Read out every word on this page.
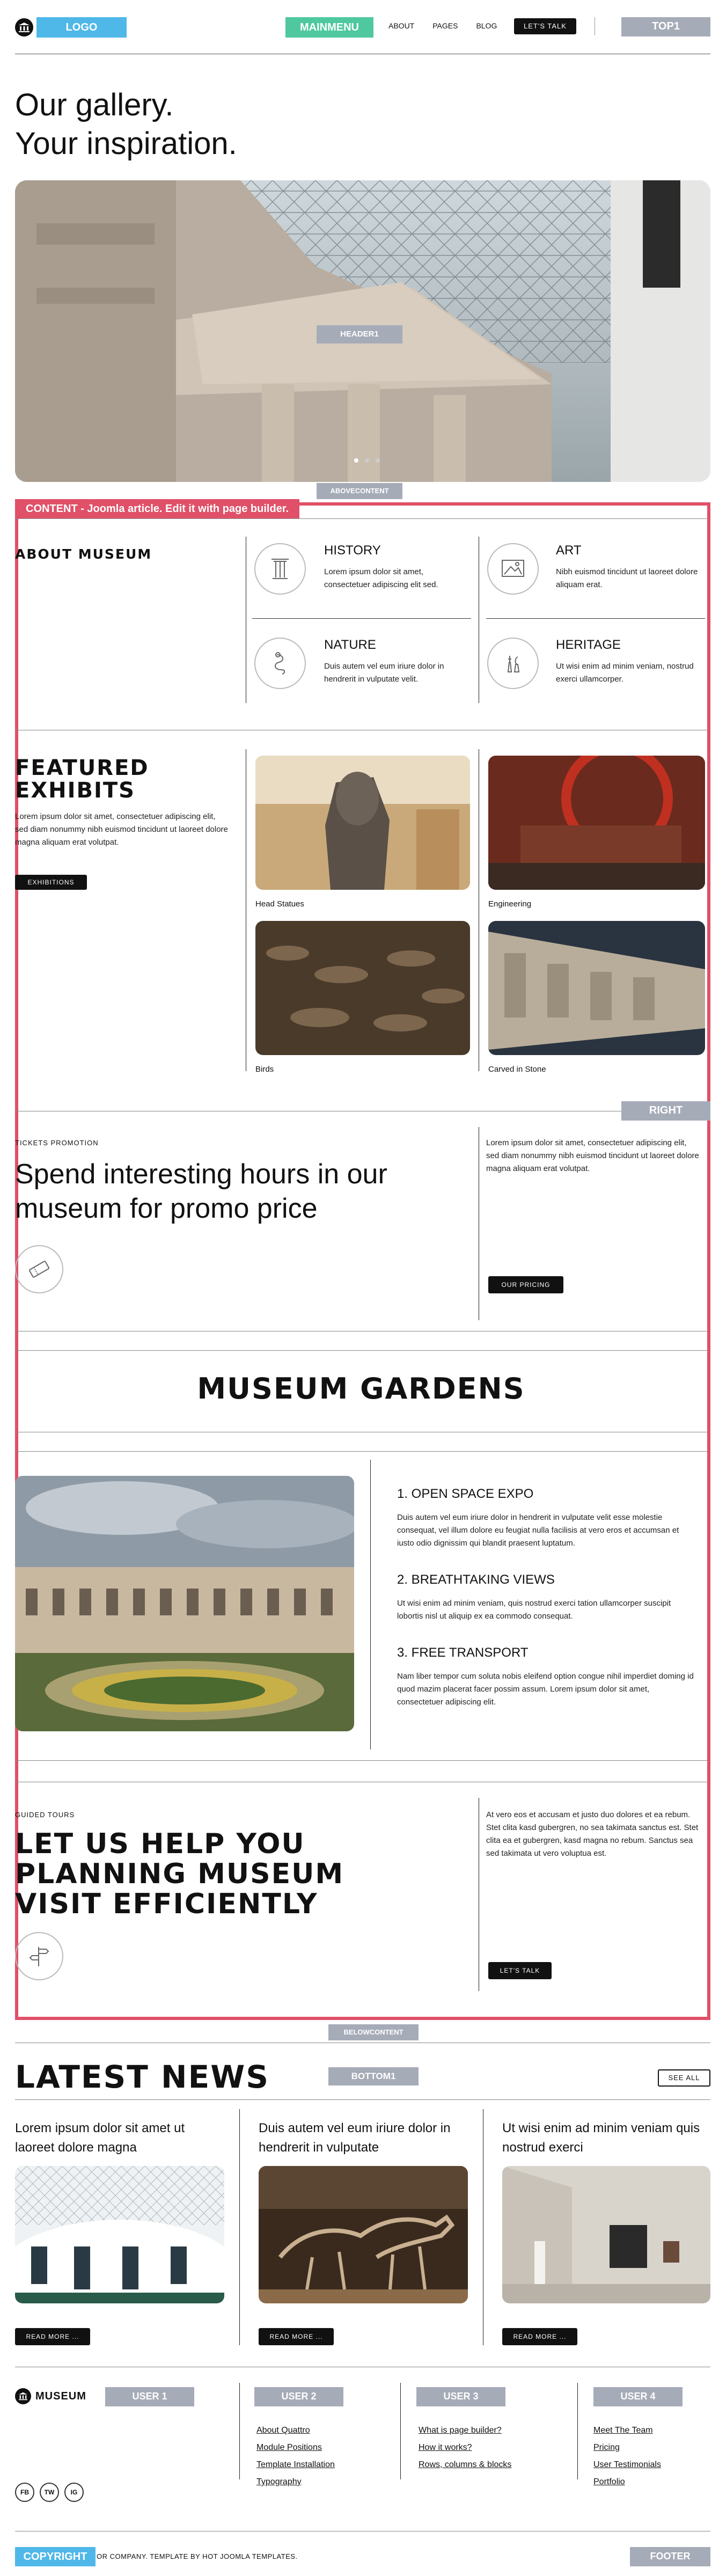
LOGO	MAINMENU	ABOUT PAGES BLOG	LET'S TALK	TOP1
Our gallery.
Your inspiration.
HEADER1
ABOVECONTENT
CONTENT - Joomla article. Edit it with page builder.
ABOUT MUSEUM	HISTORY
Lorem ipsum dolor sit amet, consectetuer adipiscing elit sed.
ART
Nibh euismod tincidunt ut laoreet dolore aliquam erat.
NATURE
Duis autem vel eum iriure dolor in hendrerit in vulputate velit.
HERITAGE
Ut wisi enim ad minim veniam, nostrud exerci ullamcorper.
FEATURED
EXHIBITS
Lorem ipsum dolor sit amet, consectetuer adipiscing elit, sed diam nonummy nibh euismod tincidunt ut laoreet dolore magna aliquam erat volutpat.
EXHIBITIONS
Head Statues	Engineering
Birds	Carved in Stone
RIGHT
TICKETS PROMOTION
Spend interesting hours in our
museum for promo price
Lorem ipsum dolor sit amet, consectetuer adipiscing elit, sed diam nonummy nibh euismod tincidunt ut laoreet dolore magna aliquam erat volutpat.
OUR PRICING
MUSEUM GARDENS
1. OPEN SPACE EXPO
Duis autem vel eum iriure dolor in hendrerit in vulputate velit esse molestie consequat, vel illum dolore eu feugiat nulla facilisis at vero eros et accumsan et iusto odio dignissim qui blandit praesent luptatum.
2. BREATHTAKING VIEWS
Ut wisi enim ad minim veniam, quis nostrud exerci tation ullamcorper suscipit lobortis nisl ut aliquip ex ea commodo consequat.
3. FREE TRANSPORT
Nam liber tempor cum soluta nobis eleifend option congue nihil imperdiet doming id quod mazim placerat facer possim assum. Lorem ipsum dolor sit amet, consectetuer adipiscing elit.
GUIDED TOURS
LET US HELP YOU
PLANNING MUSEUM
VISIT EFFICIENTLY
At vero eos et accusam et justo duo dolores et ea rebum. Stet clita kasd gubergren, no sea takimata sanctus est. Stet clita ea et gubergren, kasd magna no rebum. Sanctus sea sed takimata ut vero voluptua est.
LET'S TALK
BELOWCONTENT
LATEST NEWS	BOTTOM1	SEE ALL
Lorem ipsum dolor sit amet ut laoreet dolore magna
READ MORE ...
Duis autem vel eum iriure dolor in hendrerit in vulputate
READ MORE ...
Ut wisi enim ad minim veniam quis nostrud exerci
READ MORE ...
MUSEUM	USER 1	USER 2
About Quattro
Module Positions
Template Installation
Typography
USER 3
What is page builder?
How it works?
Rows, columns & blocks
USER 4
Meet The Team
Pricing
User Testimonials
Portfolio
FB	TW	IG
COPYRIGHT	OR COMPANY. TEMPLATE BY HOT JOOMLA TEMPLATES.	FOOTER
